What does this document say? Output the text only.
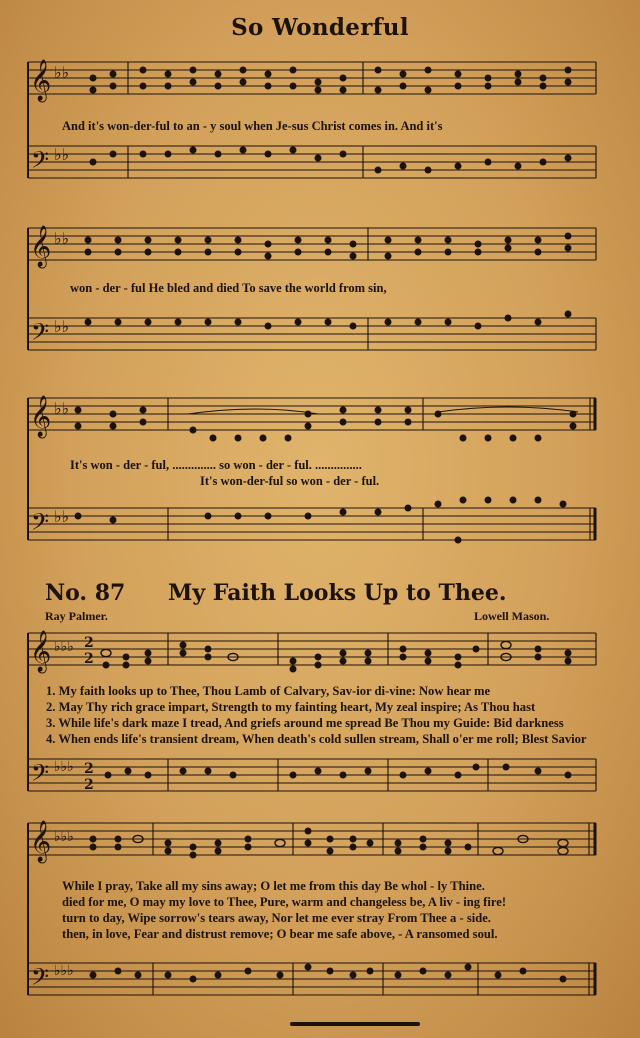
So Wonderful
𝄞
𝄢
♭♭
♭♭
And it's won-der-ful to an - y soul when Je-sus Christ comes in. And it's
𝄞
𝄢
♭♭
♭♭
won - der - ful He bled and died To save the world from sin,
𝄞
𝄢
♭♭
♭♭
It's won - der - ful, .............. so won - der - ful. ...............
It's won-der-ful so won - der - ful.
No. 87 My Faith Looks Up to Thee.
Ray Palmer.	Lowell Mason.
𝄞
𝄢
♭♭♭
♭♭♭
2
2
2
2
1. My faith looks up to Thee, Thou Lamb of Calvary, Sav-ior di-vine: Now hear me
2. May Thy rich grace impart, Strength to my fainting heart, My zeal inspire; As Thou hast
3. While life's dark maze I tread, And griefs around me spread Be Thou my Guide: Bid darkness
4. When ends life's transient dream, When death's cold sullen stream, Shall o'er me roll; Blest Savior
𝄞
𝄢
♭♭♭
♭♭♭
While I pray, Take all my sins away; O let me from this day Be whol - ly Thine.
died for me, O may my love to Thee, Pure, warm and changeless be, A liv - ing fire!
turn to day, Wipe sorrow's tears away, Nor let me ever stray From Thee a - side.
then, in love, Fear and distrust remove; O bear me safe above, - A ransomed soul.
